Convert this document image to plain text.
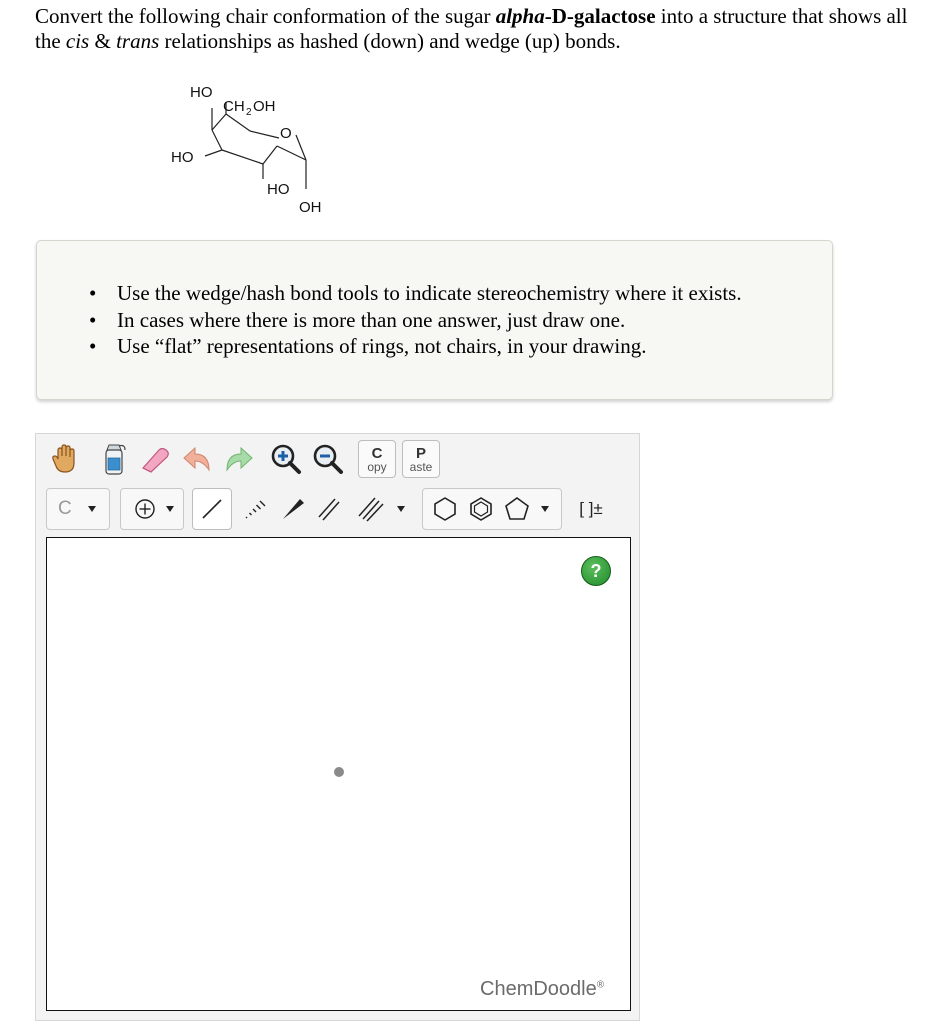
Convert the following chair conformation of the sugar alpha-D-galactose into a structure that shows all the cis & trans relationships as hashed (down) and wedge (up) bonds.
HO
CH 2 OH
O
HO
HO
OH
• Use the wedge/hash bond tools to indicate stereochemistry where it exists.
• In cases where there is more than one answer, just draw one.
• Use “flat” representations of rings, not chairs, in your drawing.
C
opy
P
aste
C	[ ]±
?
ChemDoodle®
